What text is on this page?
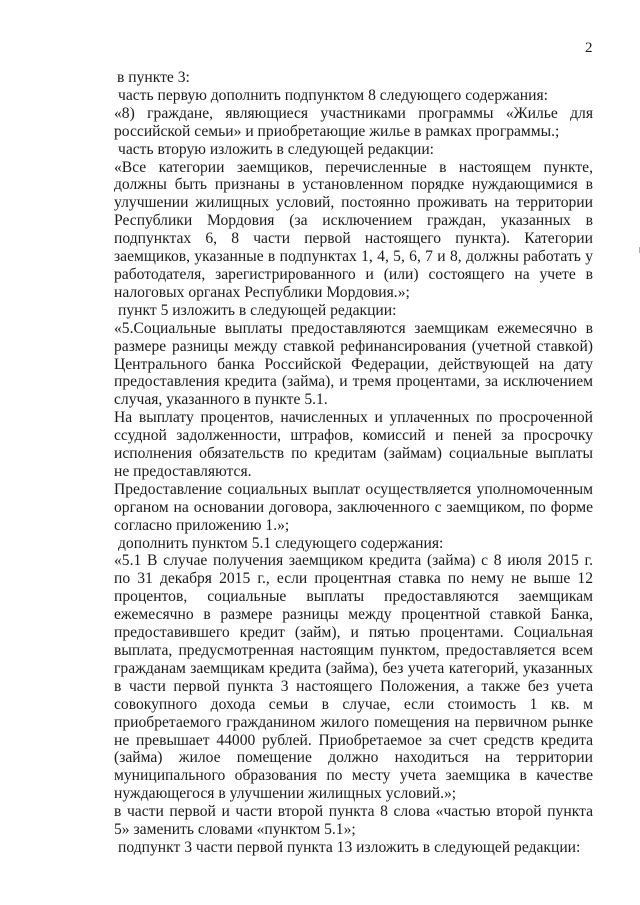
2

в пункте 3:

часть первую дополнить подпунктом 8 следующего содержания:

«8) граждане, являющиеся участниками программы «Жилье для российской семьи» и приобретающие жилье в рамках программы.;

часть вторую изложить в следующей редакции:

«Все категории заемщиков, перечисленные в настоящем пункте, должны быть признаны в установленном порядке нуждающимися в улучшении жилищных условий, постоянно проживать на территории Республики Мордовия (за исключением граждан, указанных в подпунктах 6, 8 части первой настоящего пункта). Категории заемщиков, указанные в подпунктах 1, 4, 5, 6, 7 и 8, должны работать у работодателя, зарегистрированного и (или) состоящего на учете в налоговых органах Республики Мордовия.»;

пункт 5 изложить в следующей редакции:

«5.Социальные выплаты предоставляются заемщикам ежемесячно в размере разницы между ставкой рефинансирования (учетной ставкой) Центрального банка Российской Федерации, действующей на дату предоставления кредита (займа), и тремя процентами, за исключением случая, указанного в пункте 5.1.

На выплату процентов, начисленных и уплаченных по просроченной ссудной задолженности, штрафов, комиссий и пеней за просрочку исполнения обязательств по кредитам (займам) социальные выплаты не предоставляются.

Предоставление социальных выплат осуществляется уполномоченным органом на основании договора, заключенного с заемщиком, по форме согласно приложению 1.»;

дополнить пунктом 5.1 следующего содержания:

«5.1 В случае получения заемщиком кредита (займа) с 8 июля 2015 г. по 31 декабря 2015 г., если процентная ставка по нему не выше 12 процентов, социальные выплаты предоставляются заемщикам ежемесячно в размере разницы между процентной ставкой Банка, предоставившего кредит (займ), и пятью процентами. Социальная выплата, предусмотренная настоящим пунктом, предоставляется всем гражданам заемщикам кредита (займа), без учета категорий, указанных в части первой пункта 3 настоящего Положения, а также без учета совокупного дохода семьи в случае, если стоимость 1 кв. м приобретаемого гражданином жилого помещения на первичном рынке не превышает 44000 рублей. Приобретаемое за счет средств кредита (займа) жилое помещение должно находиться на территории муниципального образования по месту учета заемщика в качестве нуждающегося в улучшении жилищных условий.»;

в части первой и части второй пункта 8 слова «частью второй пункта 5» заменить словами «пунктом 5.1»;

подпункт 3 части первой пункта 13 изложить в следующей редакции:
